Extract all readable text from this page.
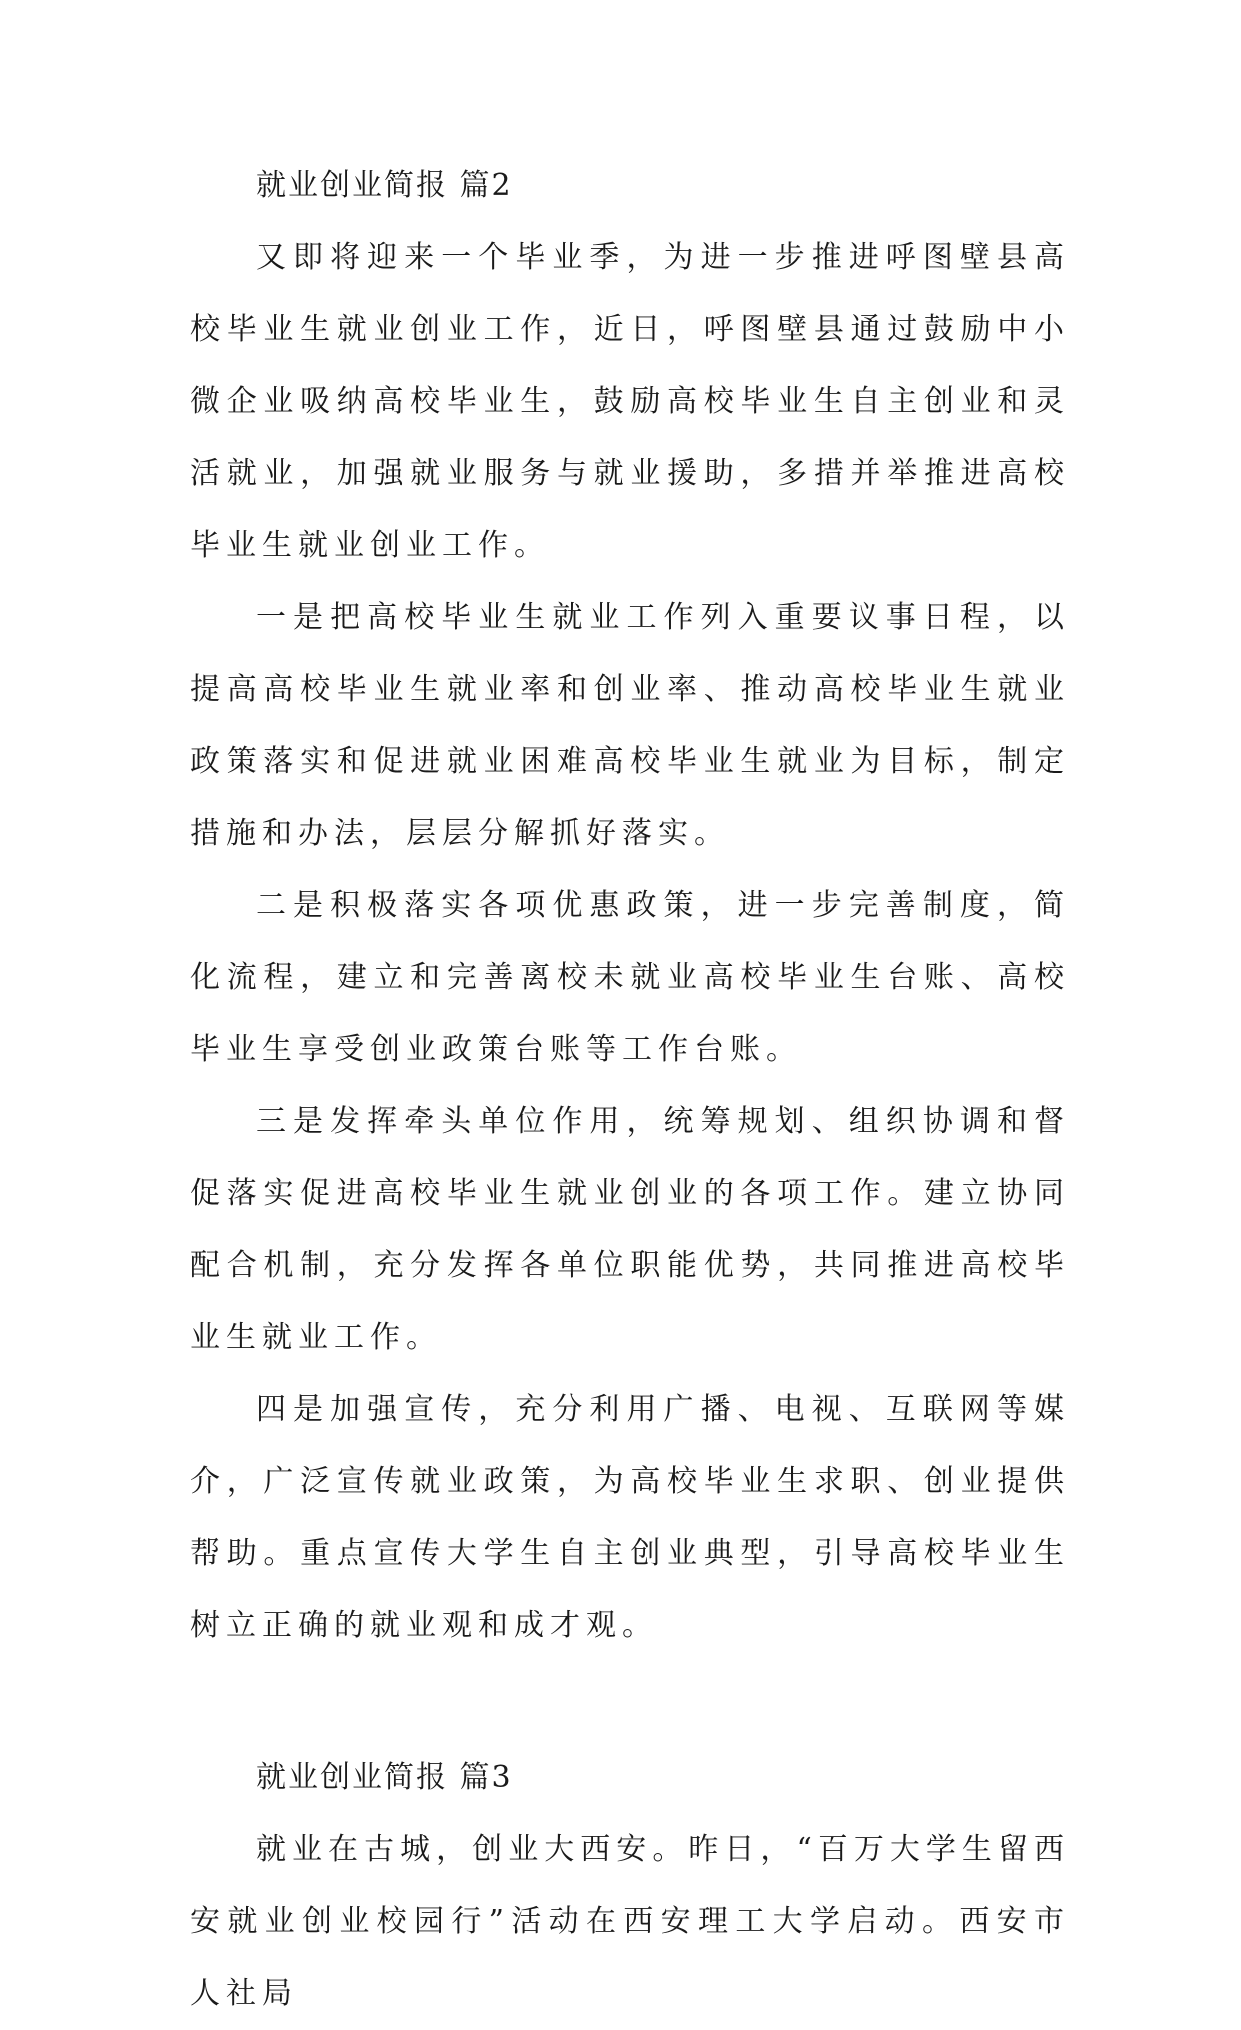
就业创业简报 篇2

又即将迎来一个毕业季，为进一步推进呼图壁县高校毕业生就业创业工作，近日，呼图壁县通过鼓励中小微企业吸纳高校毕业生，鼓励高校毕业生自主创业和灵活就业，加强就业服务与就业援助，多措并举推进高校毕业生就业创业工作。

一是把高校毕业生就业工作列入重要议事日程，以提高高校毕业生就业率和创业率、推动高校毕业生就业政策落实和促进就业困难高校毕业生就业为目标，制定措施和办法，层层分解抓好落实。

二是积极落实各项优惠政策，进一步完善制度，简化流程，建立和完善离校未就业高校毕业生台账、高校毕业生享受创业政策台账等工作台账。

三是发挥牵头单位作用，统筹规划、组织协调和督促落实促进高校毕业生就业创业的各项工作。建立协同配合机制，充分发挥各单位职能优势，共同推进高校毕业生就业工作。

四是加强宣传，充分利用广播、电视、互联网等媒介，广泛宣传就业政策，为高校毕业生求职、创业提供帮助。重点宣传大学生自主创业典型，引导高校毕业生树立正确的就业观和成才观。

就业创业简报 篇3

就业在古城，创业大西安。昨日，“百万大学生留西安就业创业校园行”活动在西安理工大学启动。西安市人社局
